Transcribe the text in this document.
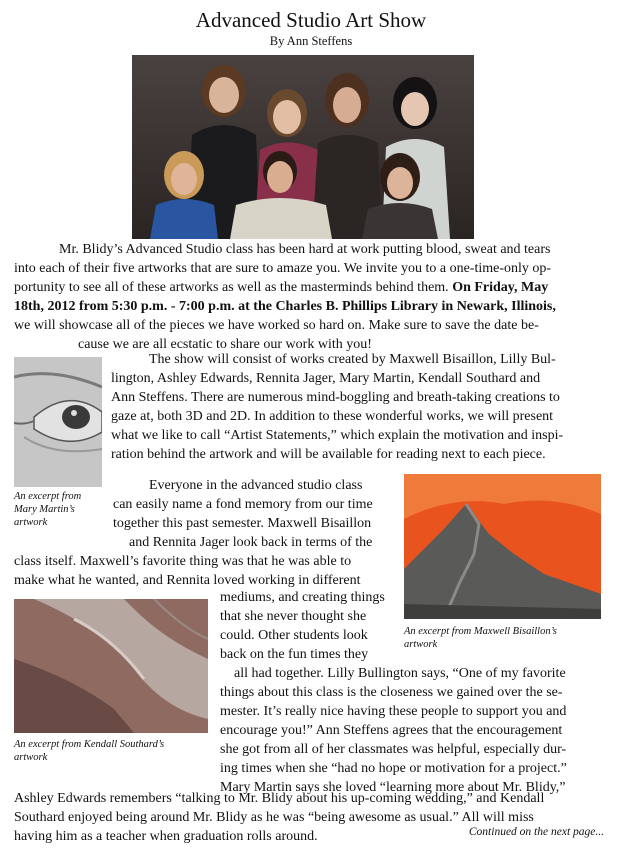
Advanced Studio Art Show
By Ann Steffens
Mr. Blidy’s Advanced Studio class has been hard at work putting blood, sweat and tears
into each of their five artworks that are sure to amaze you. We invite you to a one-time-only op-
portunity to see all of these artworks as well as the masterminds behind them. On Friday, May
18th, 2012 from 5:30 p.m. - 7:00 p.m. at the Charles B. Phillips Library in Newark, Illinois,
we will showcase all of the pieces we have worked so hard on. Make sure to save the date be-
cause we are all ecstatic to share our work with you!
An excerpt from
Mary Martin’s
artwork
The show will consist of works created by Maxwell Bisaillon, Lilly Bul-
lington, Ashley Edwards, Rennita Jager, Mary Martin, Kendall Southard and
Ann Steffens. There are numerous mind-boggling and breath-taking creations to
gaze at, both 3D and 2D. In addition to these wonderful works, we will present
what we like to call “Artist Statements,” which explain the motivation and inspi-
ration behind the artwork and will be available for reading next to each piece.
Everyone in the advanced studio class
can easily name a fond memory from our time
together this past semester. Maxwell Bisaillon
and Rennita Jager look back in terms of the
An excerpt from Maxwell Bisaillon’s
artwork
class itself. Maxwell’s favorite thing was that he was able to
make what he wanted, and Rennita loved working in different
An excerpt from Kendall Southard’s
artwork
mediums, and creating things
that she never thought she
could. Other students look
back on the fun times they
all had together. Lilly Bullington says, “One of my favorite
things about this class is the closeness we gained over the se-
mester. It’s really nice having these people to support you and
encourage you!” Ann Steffens agrees that the encouragement
she got from all of her classmates was helpful, especially dur-
ing times when she “had no hope or motivation for a project.”
Mary Martin says she loved “learning more about Mr. Blidy,”
Ashley Edwards remembers “talking to Mr. Blidy about his up-coming wedding,” and Kendall
Southard enjoyed being around Mr. Blidy as he was “being awesome as usual.” All will miss
having him as a teacher when graduation rolls around.	Continued on the next page...
